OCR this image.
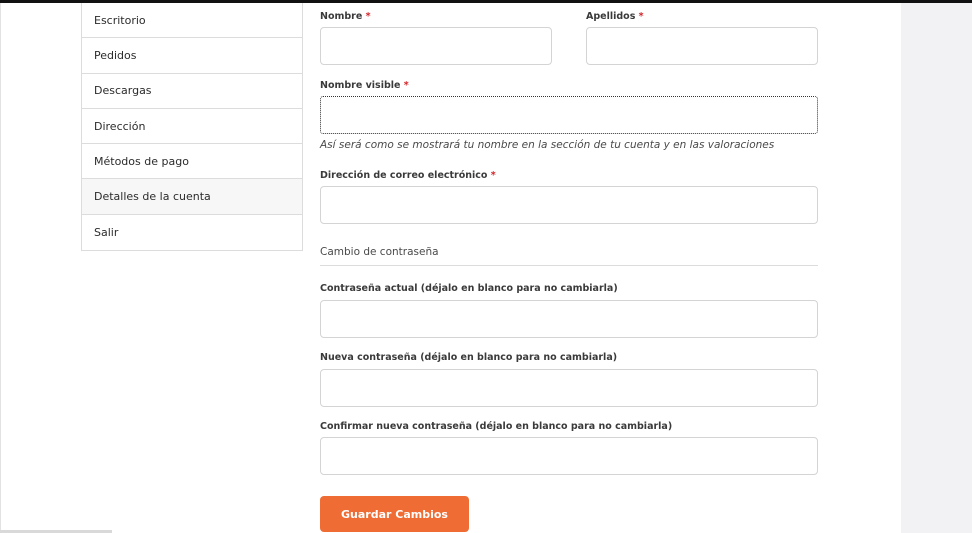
Escritorio
Pedidos
Descargas
Dirección
Métodos de pago
Detalles de la cuenta
Salir
Nombre *	Apellidos *
Nombre visible *
Así será como se mostrará tu nombre en la sección de tu cuenta y en las valoraciones
Dirección de correo electrónico *
Cambio de contraseña
Contraseña actual (déjalo en blanco para no cambiarla)
Nueva contraseña (déjalo en blanco para no cambiarla)
Confirmar nueva contraseña (déjalo en blanco para no cambiarla)
Guardar Cambios
